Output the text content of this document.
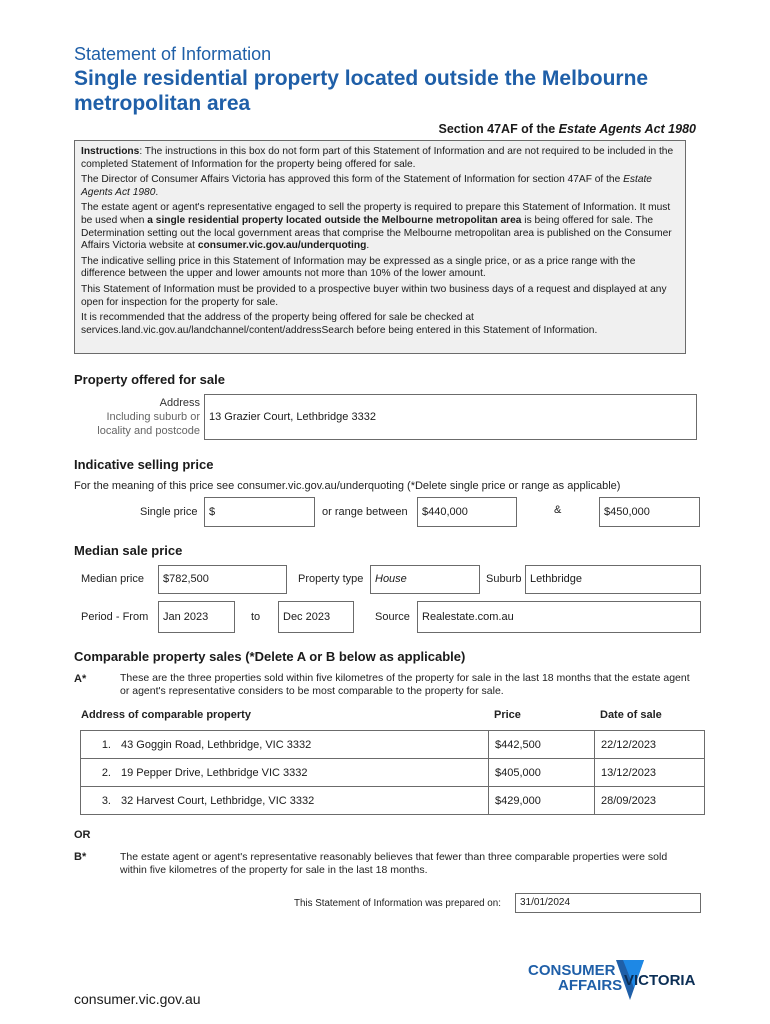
Statement of Information
Single residential property located outside the Melbourne metropolitan area
Section 47AF of the Estate Agents Act 1980

Instructions: The instructions in this box do not form part of this Statement of Information and are not required to be included in the completed Statement of Information for the property being offered for sale.

The Director of Consumer Affairs Victoria has approved this form of the Statement of Information for section 47AF of the Estate Agents Act 1980.

The estate agent or agent's representative engaged to sell the property is required to prepare this Statement of Information. It must be used when a single residential property located outside the Melbourne metropolitan area is being offered for sale. The Determination setting out the local government areas that comprise the Melbourne metropolitan area is published on the Consumer Affairs Victoria website at consumer.vic.gov.au/underquoting.

The indicative selling price in this Statement of Information may be expressed as a single price, or as a price range with the difference between the upper and lower amounts not more than 10% of the lower amount.

This Statement of Information must be provided to a prospective buyer within two business days of a request and displayed at any open for inspection for the property for sale.

It is recommended that the address of the property being offered for sale be checked at services.land.vic.gov.au/landchannel/content/addressSearch before being entered in this Statement of Information.

Property offered for sale
Address
Including suburb or
locality and postcode
13 Grazier Court, Lethbridge 3332
Indicative selling price
For the meaning of this price see consumer.vic.gov.au/underquoting (*Delete single price or range as applicable)
Single price	$	or range between	$440,000	&	$450,000
Median sale price
Median price	$782,500	Property type	House	Suburb Lethbridge
Period - From	Jan 2023	to	Dec 2023	Source	Realestate.com.au
Comparable property sales (*Delete A or B below as applicable)
A*	These are the three properties sold within five kilometres of the property for sale in the last 18 months that the estate agent or agent's representative considers to be most comparable to the property for sale.
Address of comparable property	Price	Date of sale
1. 43 Goggin Road, Lethbridge, VIC 3332	$442,500	22/12/2023
2. 19 Pepper Drive, Lethbridge VIC 3332	$405,000	13/12/2023
3. 32 Harvest Court, Lethbridge, VIC 3332	$429,000	28/09/2023
OR
B*	The estate agent or agent's representative reasonably believes that fewer than three comparable properties were sold within five kilometres of the property for sale in the last 18 months.
This Statement of Information was prepared on:	31/01/2024
consumer.vic.gov.au
CONSUMER
AFFAIRS VICTORIA
